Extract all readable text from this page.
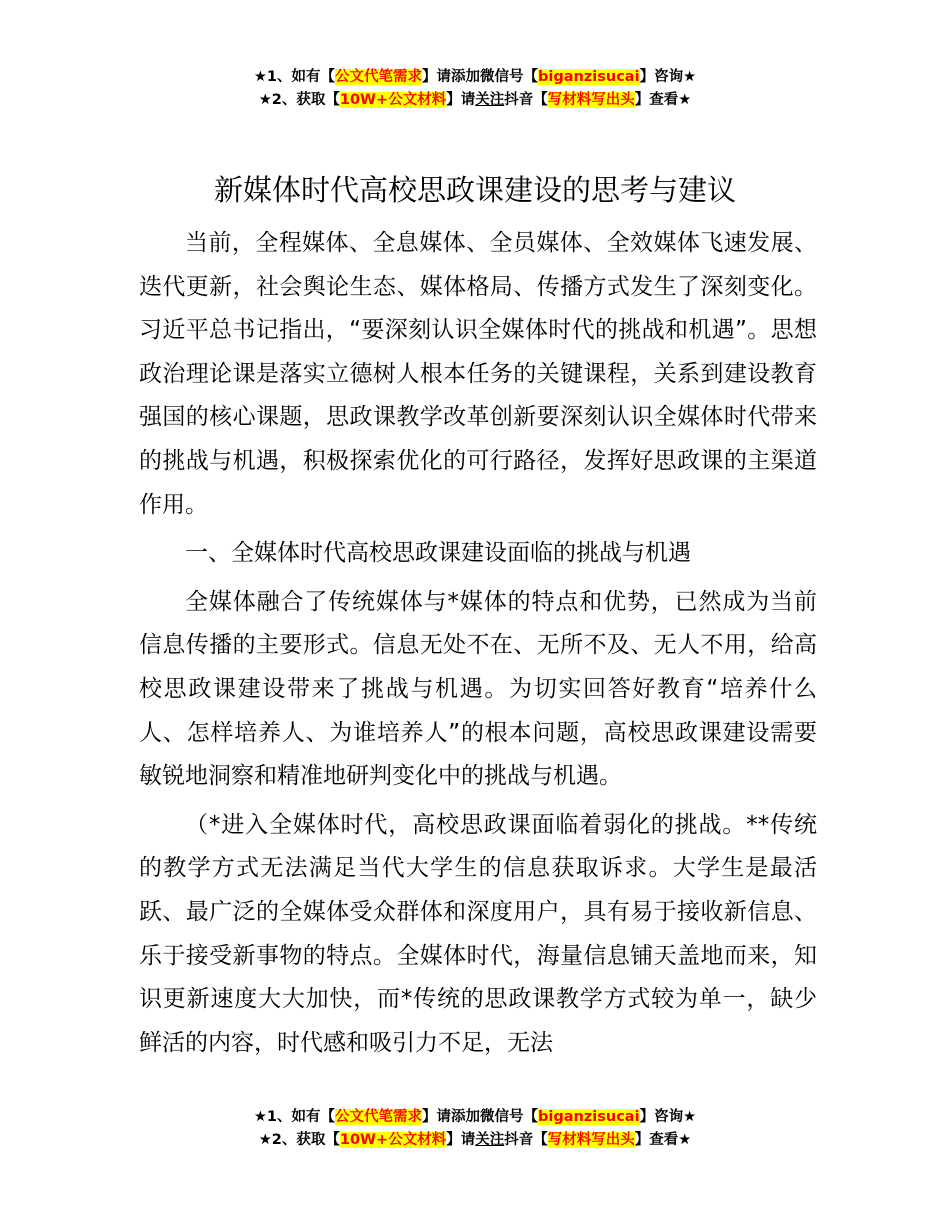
★1、如有【公文代笔需求】请添加微信号【biganzisucai】咨询★
★2、获取【10W+公文材料】请关注抖音【写材料写出头】查看★
新媒体时代高校思政课建设的思考与建议

当前，全程媒体、全息媒体、全员媒体、全效媒体飞速发展、迭代更新，社会舆论生态、媒体格局、传播方式发生了深刻变化。习近平总书记指出，“要深刻认识全媒体时代的挑战和机遇”。思想政治理论课是落实立德树人根本任务的关键课程，关系到建设教育强国的核心课题，思政课教学改革创新要深刻认识全媒体时代带来的挑战与机遇，积极探索优化的可行路径，发挥好思政课的主渠道作用。

一、全媒体时代高校思政课建设面临的挑战与机遇

全媒体融合了传统媒体与*媒体的特点和优势，已然成为当前信息传播的主要形式。信息无处不在、无所不及、无人不用，给高校思政课建设带来了挑战与机遇。为切实回答好教育“培养什么人、怎样培养人、为谁培养人”的根本问题，高校思政课建设需要敏锐地洞察和精准地研判变化中的挑战与机遇。

（*进入全媒体时代，高校思政课面临着弱化的挑战。**传统的教学方式无法满足当代大学生的信息获取诉求。大学生是最活跃、最广泛的全媒体受众群体和深度用户，具有易于接收新信息、乐于接受新事物的特点。全媒体时代，海量信息铺天盖地而来，知识更新速度大大加快，而*传统的思政课教学方式较为单一，缺少鲜活的内容，时代感和吸引力不足，无法

★1、如有【公文代笔需求】请添加微信号【biganzisucai】咨询★
★2、获取【10W+公文材料】请关注抖音【写材料写出头】查看★
